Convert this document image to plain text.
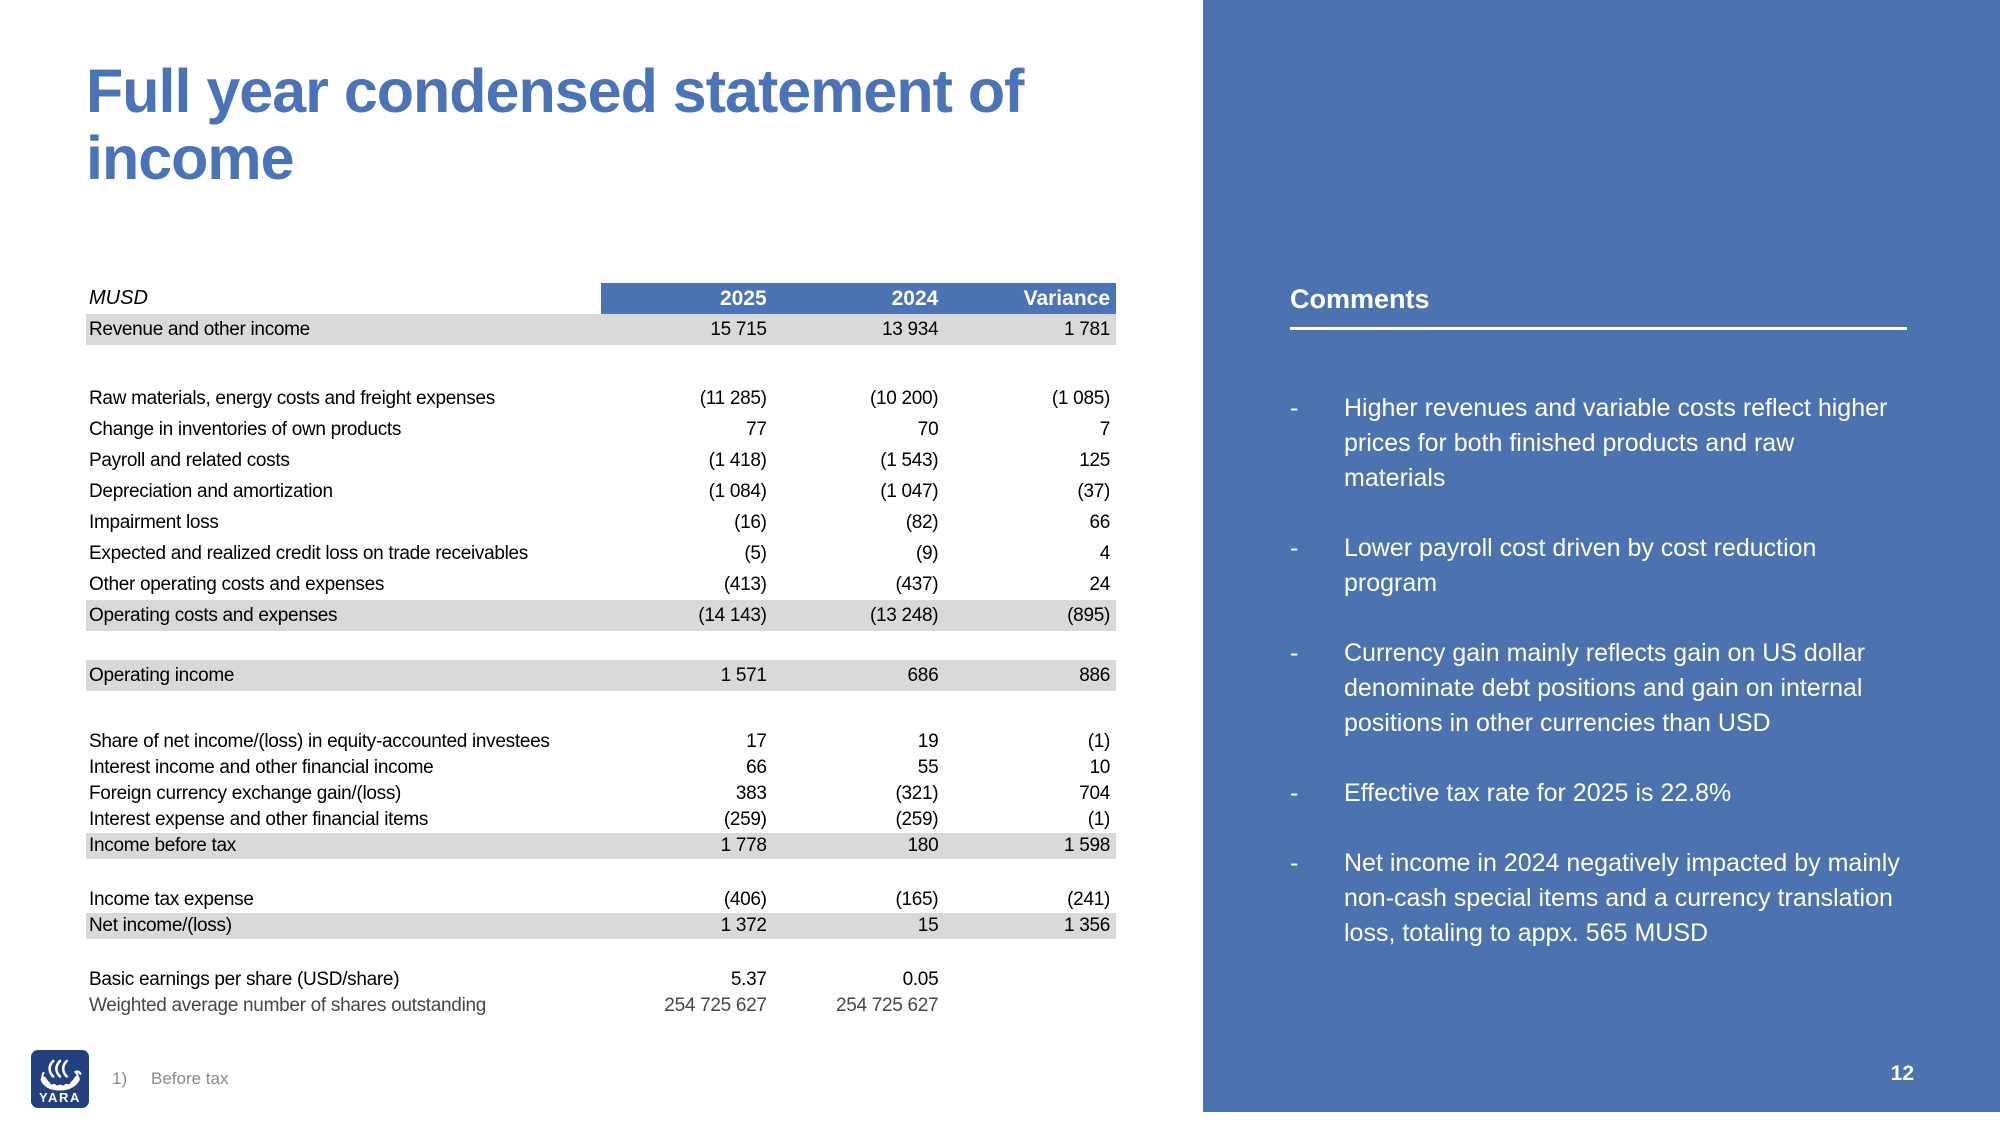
Full year condensed statement of income
MUSD	2025	2024	Variance
Revenue and other income	15 715	13 934	1 781
Raw materials, energy costs and freight expenses	(11 285)	(10 200)	(1 085)
Change in inventories of own products	77	70	7
Payroll and related costs	(1 418)	(1 543)	125
Depreciation and amortization	(1 084)	(1 047)	(37)
Impairment loss	(16)	(82)	66
Expected and realized credit loss on trade receivables	(5)	(9)	4
Other operating costs and expenses	(413)	(437)	24
Operating costs and expenses	(14 143)	(13 248)	(895)
Operating income	1 571	686	886
Share of net income/(loss) in equity-accounted investees	17	19	(1)
Interest income and other financial income	66	55	10
Foreign currency exchange gain/(loss)	383	(321)	704
Interest expense and other financial items	(259)	(259)	(1)
Income before tax	1 778	180	1 598
Income tax expense	(406)	(165)	(241)
Net income/(loss)	1 372	15	1 356
Basic earnings per share (USD/share)	5.37	0.05
Weighted average number of shares outstanding	254 725 627	254 725 627
Comments
-	Higher revenues and variable costs reflect higher prices for both finished products and raw materials
-	Lower payroll cost driven by cost reduction program
-	Currency gain mainly reflects gain on US dollar denominate debt positions and gain on internal positions in other currencies than USD
-	Effective tax rate for 2025 is 22.8%
-	Net income in 2024 negatively impacted by mainly non-cash special items and a currency translation loss, totaling to appx. 565 MUSD
12
YARA
1)	Before tax
